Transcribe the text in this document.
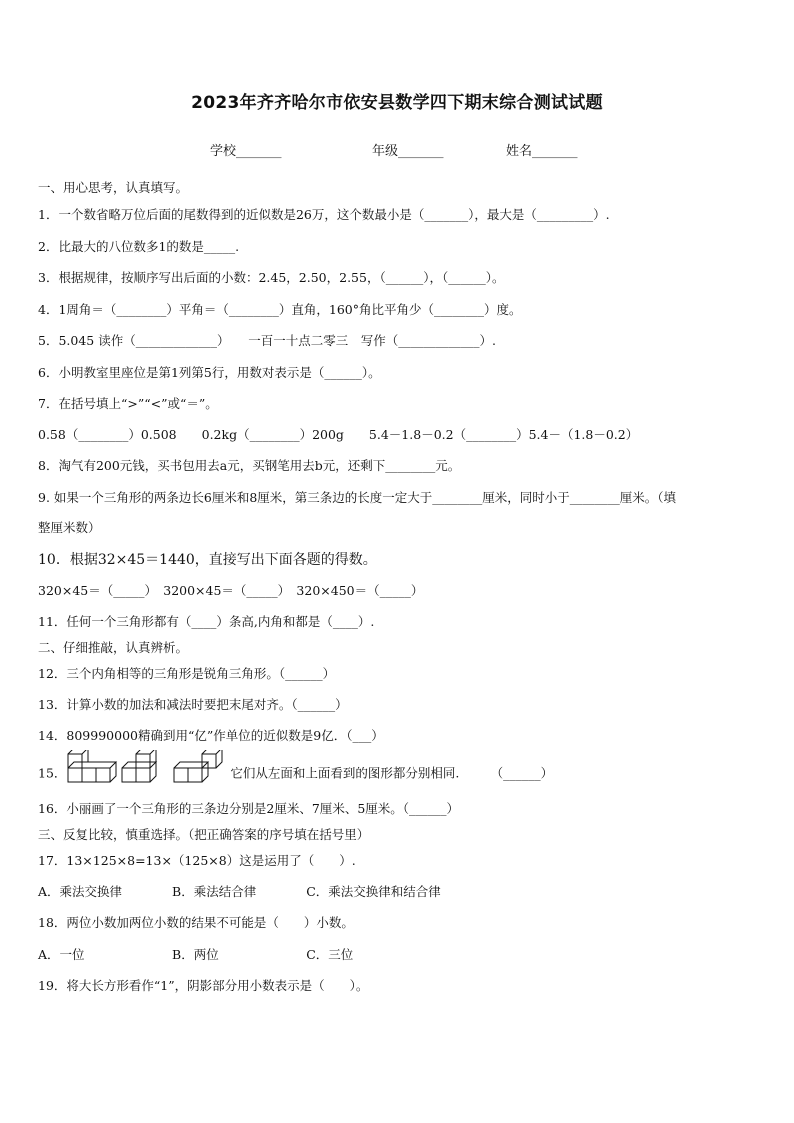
2023年齐齐哈尔市依安县数学四下期末综合测试试题
学校_______	年级_______	姓名_______
一、用心思考，认真填写。
1．一个数省略万位后面的尾数得到的近似数是26万，这个数最小是（_______），最大是（_________）.
2．比最大的八位数多1的数是_____.
3．根据规律，按顺序写出后面的小数：2.45，2.50，2.55，（______），（______）。
4．1周角＝（________）平角＝（________）直角，160°角比平角少（________）度。
5．5.045 读作（_____________）　　一百一十点二零三　写作（_____________）.
6．小明教室里座位是第1列第5行，用数对表示是（______）。
7．在括号填上“>”“<”或“＝”。
0.58（________）0.508　　0.2kg（________）200g　　5.4－1.8－0.2（________）5.4－（1.8－0.2）
8．淘气有200元钱，买书包用去a元，买钢笔用去b元，还剩下________元。
9. 如果一个三角形的两条边长6厘米和8厘米，第三条边的长度一定大于________厘米，同时小于________厘米。（填
整厘米数）
10．根据32×45＝1440，直接写出下面各题的得数。
320×45＝（_____）　3200×45＝（_____）　320×450＝（_____）
11．任何一个三角形都有（____）条高,内角和都是（____）.
二、仔细推敲，认真辨析。
12．三个内角相等的三角形是锐角三角形。（______）
13．计算小数的加法和减法时要把末尾对齐。（______）
14．809990000精确到用“亿”作单位的近似数是9亿．（___）
15．	它们从左面和上面看到的图形都分别相同.　　　（______）
16．小丽画了一个三角形的三条边分别是2厘米、7厘米、5厘米。（______）
三、反复比较，慎重选择。（把正确答案的序号填在括号里）
17．13×125×8=13×（125×8）这是运用了（　　）.
A．乘法交换律　　　　B．乘法结合律　　　　C．乘法交换律和结合律
18．两位小数加两位小数的结果不可能是（　　）小数。
A．一位　　　　　　　B．两位　　　　　　　C．三位
19．将大长方形看作“1”，阴影部分用小数表示是（　　）。
